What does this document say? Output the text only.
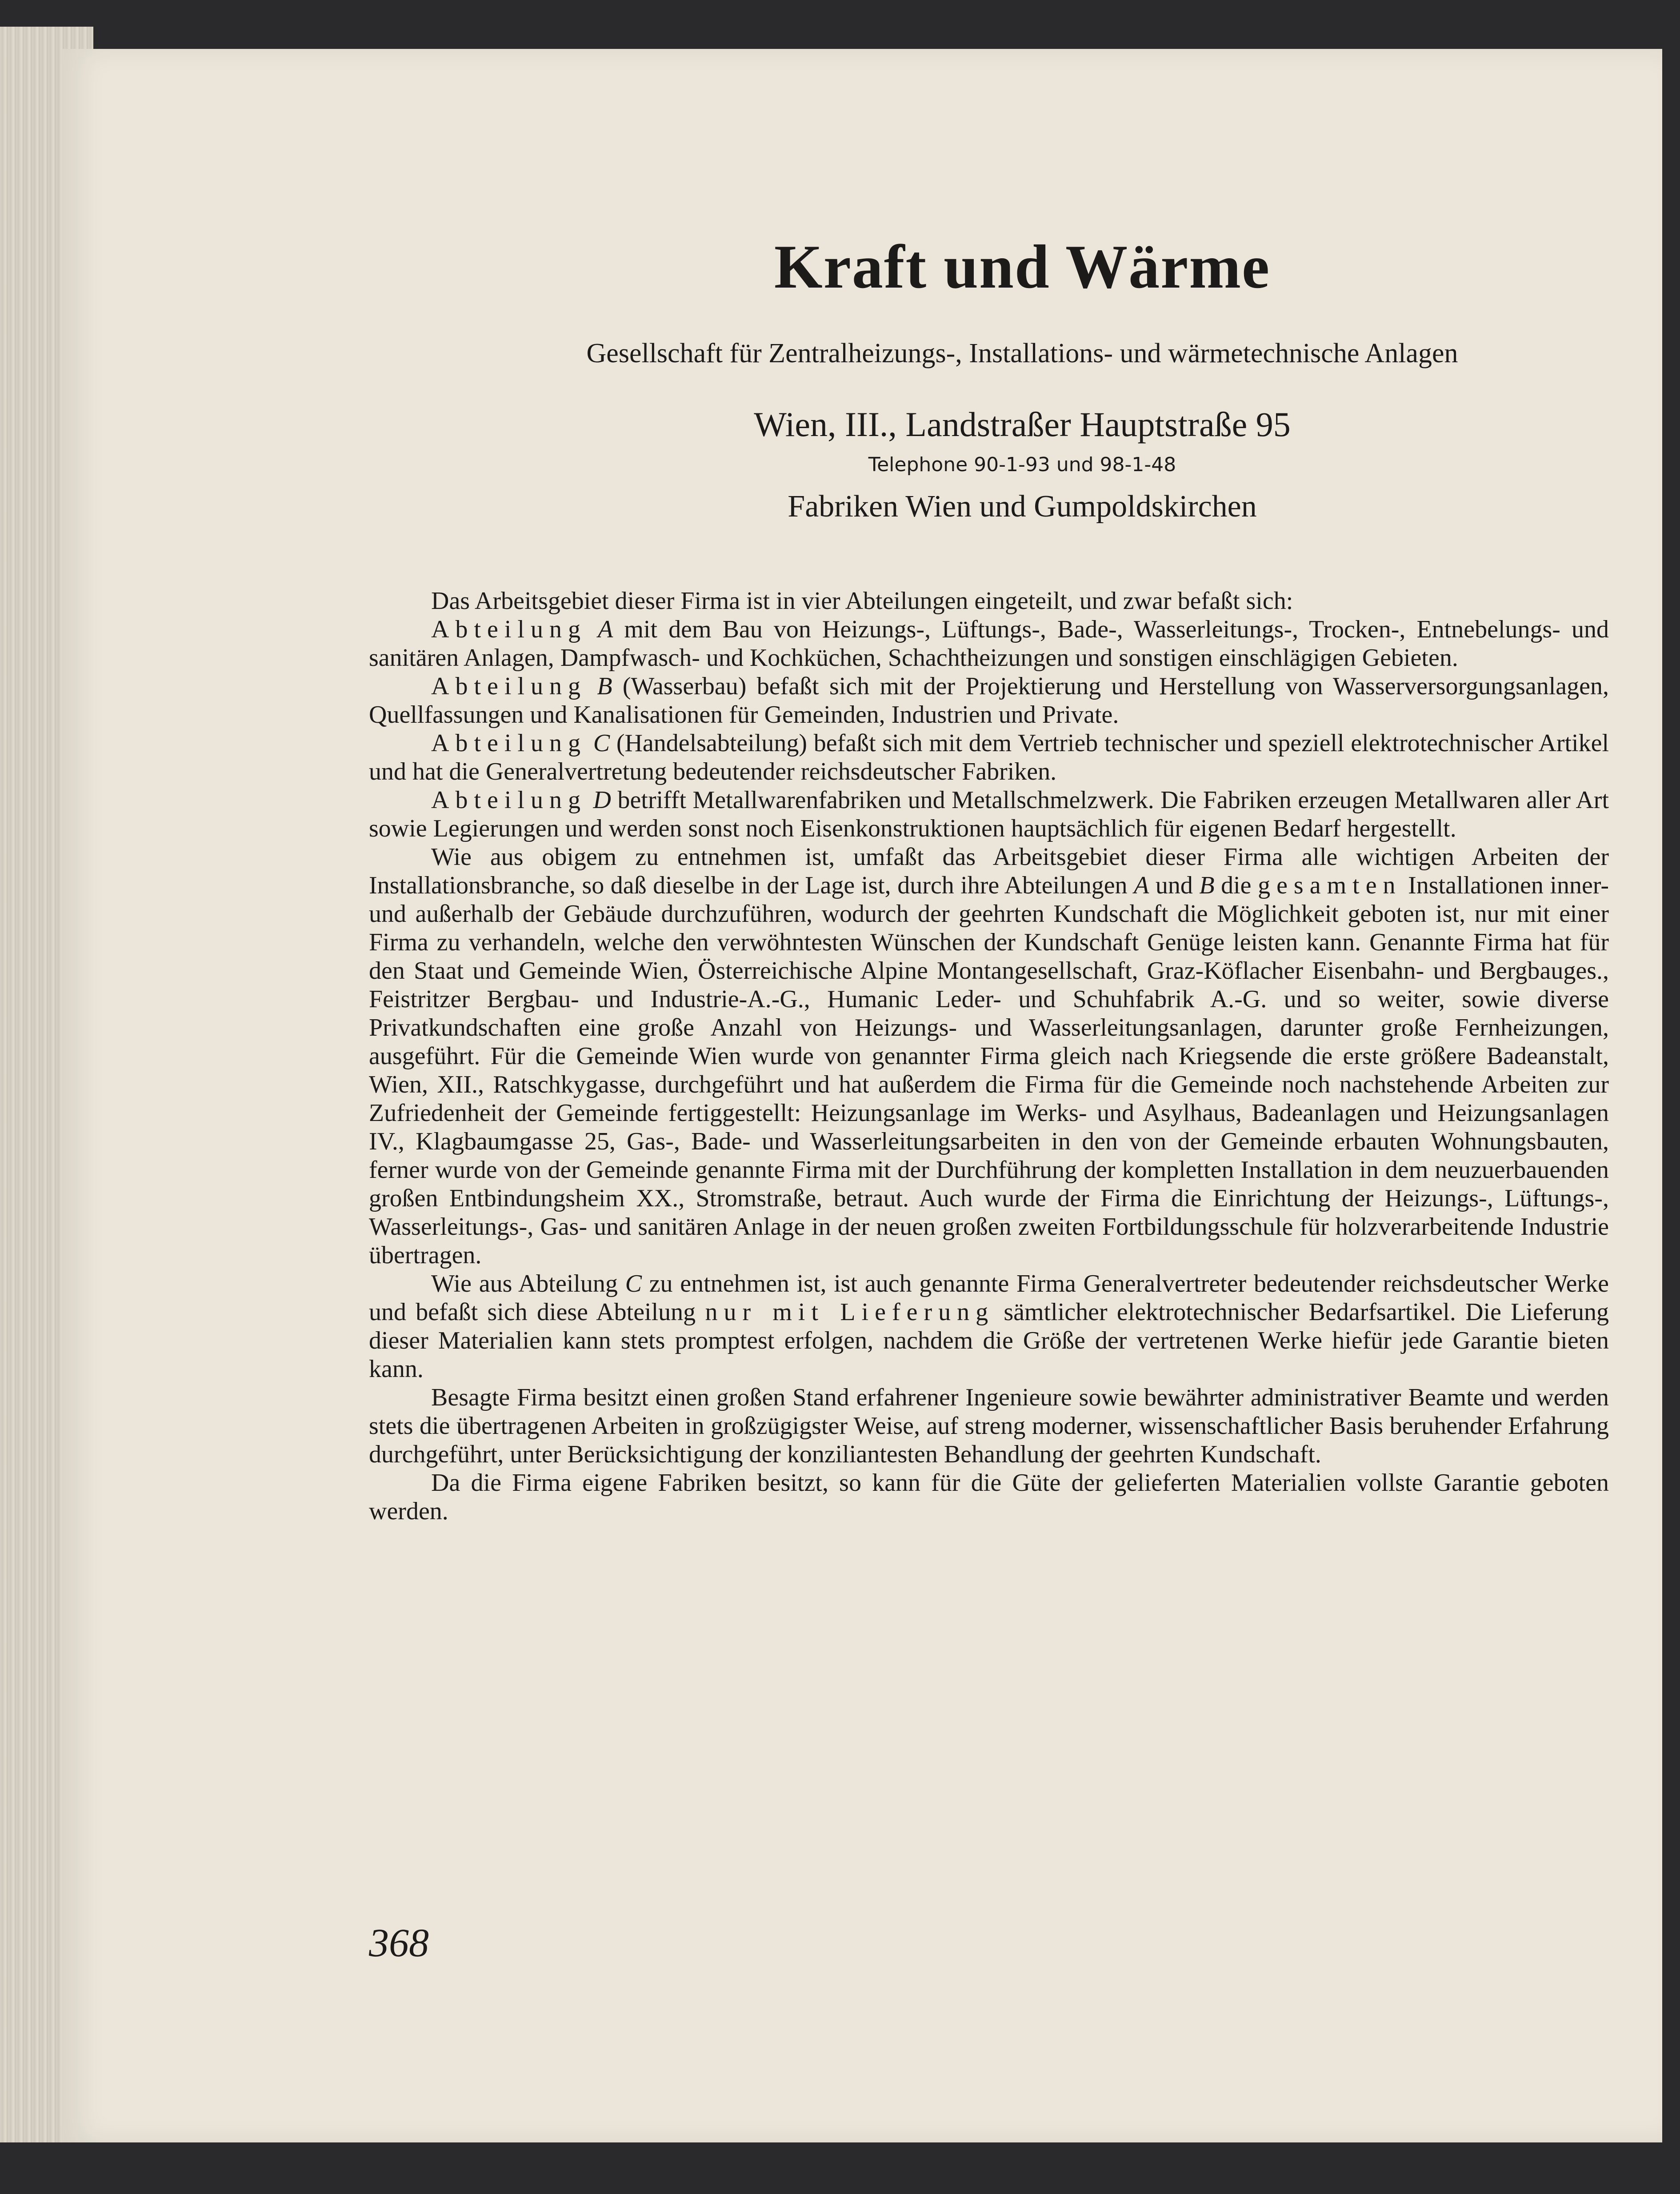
Kraft und Wärme
Gesellschaft für Zentralheizungs-, Installations- und wärmetechnische Anlagen
Wien, III., Landstraßer Hauptstraße 95
Telephone 90-1-93 und 98-1-48
Fabriken Wien und Gumpoldskirchen

Das Arbeitsgebiet dieser Firma ist in vier Abteilungen eingeteilt, und zwar befaßt sich:

Abteilung A mit dem Bau von Heizungs-, Lüftungs-, Bade-, Wasserleitungs-, Trocken-, Entnebelungs- und sanitären Anlagen, Dampfwasch- und Kochküchen, Schachtheizungen und sonstigen einschlägigen Gebieten.

Abteilung B (Wasserbau) befaßt sich mit der Projektierung und Herstellung von Wasserversorgungsanlagen, Quellfassungen und Kanalisationen für Gemeinden, Industrien und Private.

Abteilung C (Handelsabteilung) befaßt sich mit dem Vertrieb technischer und speziell elektrotechnischer Artikel und hat die Generalvertretung bedeutender reichsdeutscher Fabriken.

Abteilung D betrifft Metallwarenfabriken und Metallschmelzwerk. Die Fabriken erzeugen Metallwaren aller Art sowie Legierungen und werden sonst noch Eisenkonstruktionen hauptsächlich für eigenen Bedarf hergestellt.

Wie aus obigem zu entnehmen ist, umfaßt das Arbeitsgebiet dieser Firma alle wichtigen Arbeiten der Installationsbranche, so daß dieselbe in der Lage ist, durch ihre Abteilungen A und B die gesamten Installationen inner- und außerhalb der Gebäude durchzuführen, wodurch der geehrten Kundschaft die Möglichkeit geboten ist, nur mit einer Firma zu verhandeln, welche den verwöhntesten Wünschen der Kundschaft Genüge leisten kann. Genannte Firma hat für den Staat und Gemeinde Wien, Österreichische Alpine Montangesellschaft, Graz-Köflacher Eisenbahn- und Bergbauges., Feistritzer Bergbau- und Industrie-A.-G., Humanic Leder- und Schuhfabrik A.-G. und so weiter, sowie diverse Privatkundschaften eine große Anzahl von Heizungs- und Wasserleitungsanlagen, darunter große Fernheizungen, ausgeführt. Für die Gemeinde Wien wurde von genannter Firma gleich nach Kriegsende die erste größere Badeanstalt, Wien, XII., Ratschkygasse, durchgeführt und hat außerdem die Firma für die Gemeinde noch nachstehende Arbeiten zur Zufriedenheit der Gemeinde fertiggestellt: Heizungsanlage im Werks- und Asylhaus, Badeanlagen und Heizungsanlagen IV., Klagbaumgasse 25, Gas-, Bade- und Wasserleitungsarbeiten in den von der Gemeinde erbauten Wohnungsbauten, ferner wurde von der Gemeinde genannte Firma mit der Durchführung der kompletten Installation in dem neuzuerbauenden großen Entbindungsheim XX., Stromstraße, betraut. Auch wurde der Firma die Einrichtung der Heizungs-, Lüftungs-, Wasserleitungs-, Gas- und sanitären Anlage in der neuen großen zweiten Fortbildungsschule für holzverarbeitende Industrie übertragen.

Wie aus Abteilung C zu entnehmen ist, ist auch genannte Firma Generalvertreter bedeutender reichsdeutscher Werke und befaßt sich diese Abteilung nur mit Lieferung sämtlicher elektrotechnischer Bedarfsartikel. Die Lieferung dieser Materialien kann stets promptest erfolgen, nachdem die Größe der vertretenen Werke hiefür jede Garantie bieten kann.

Besagte Firma besitzt einen großen Stand erfahrener Ingenieure sowie bewährter administrativer Beamte und werden stets die übertragenen Arbeiten in großzügigster Weise, auf streng moderner, wissenschaftlicher Basis beruhender Erfahrung durchgeführt, unter Berücksichtigung der konziliantesten Behandlung der geehrten Kundschaft.

Da die Firma eigene Fabriken besitzt, so kann für die Güte der gelieferten Materialien vollste Garantie geboten werden.

368
